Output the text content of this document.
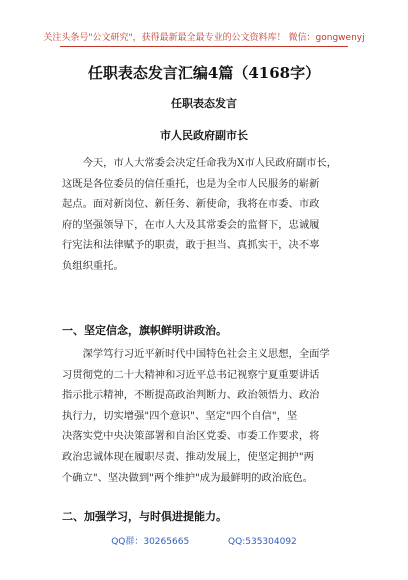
关注头条号"公文研究"，获得最新最全最专业的公文资料库！ 微信：gongwenyj
任职表态发言汇编4篇（4168字）
任职表态发言
市人民政府副市长
　　今天，市人大常委会决定任命我为X市人民政府副市长，
这既是各位委员的信任重托，也是为全市人民服务的崭新
起点。面对新岗位、新任务、新使命，我将在市委、市政
府的坚强领导下，在市人大及其常委会的监督下，忠诚履
行宪法和法律赋予的职责，敢于担当、真抓实干，决不辜
负组织重托。
一、坚定信念，旗帜鲜明讲政治。
　　深学笃行习近平新时代中国特色社会主义思想，全面学
习贯彻党的二十大精神和习近平总书记视察宁夏重要讲话
指示批示精神，不断提高政治判断力、政治领悟力、政治
执行力，切实增强"四个意识"、坚定"四个自信"，坚
决落实党中央决策部署和自治区党委、市委工作要求，将
政治忠诚体现在履职尽责、推动发展上，使坚定拥护"两
个确立"、坚决做到"两个维护"成为最鲜明的政治底色。
二、加强学习，与时俱进提能力。
QQ群：30265665	QQ:535304092
